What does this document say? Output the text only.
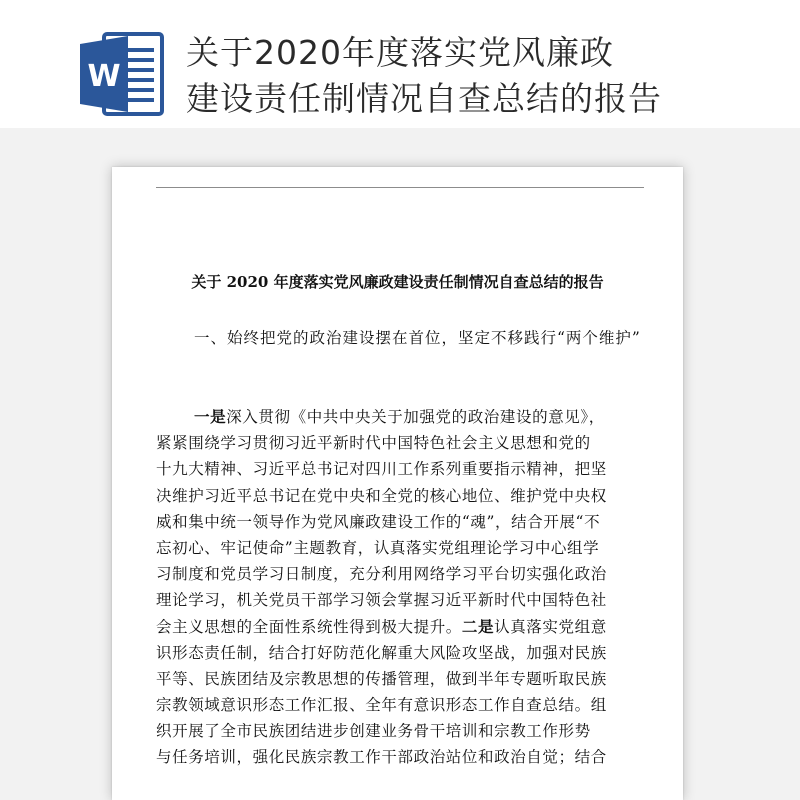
W
关于2020年度落实党风廉政
建设责任制情况自查总结的报告
关于 2020 年度落实党风廉政建设责任制情况自查总结的报告
一、始终把党的政治建设摆在首位，坚定不移践行“两个维护”
一是深入贯彻《中共中央关于加强党的政治建设的意见》，
紧紧围绕学习贯彻习近平新时代中国特色社会主义思想和党的
十九大精神、习近平总书记对四川工作系列重要指示精神，把坚
决维护习近平总书记在党中央和全党的核心地位、维护党中央权
威和集中统一领导作为党风廉政建设工作的“魂”，结合开展“不
忘初心、牢记使命”主题教育，认真落实党组理论学习中心组学
习制度和党员学习日制度，充分利用网络学习平台切实强化政治
理论学习，机关党员干部学习领会掌握习近平新时代中国特色社
会主义思想的全面性系统性得到极大提升。二是认真落实党组意
识形态责任制，结合打好防范化解重大风险攻坚战，加强对民族
平等、民族团结及宗教思想的传播管理，做到半年专题听取民族
宗教领域意识形态工作汇报、全年有意识形态工作自查总结。组
织开展了全市民族团结进步创建业务骨干培训和宗教工作形势
与任务培训，强化民族宗教工作干部政治站位和政治自觉；结合
